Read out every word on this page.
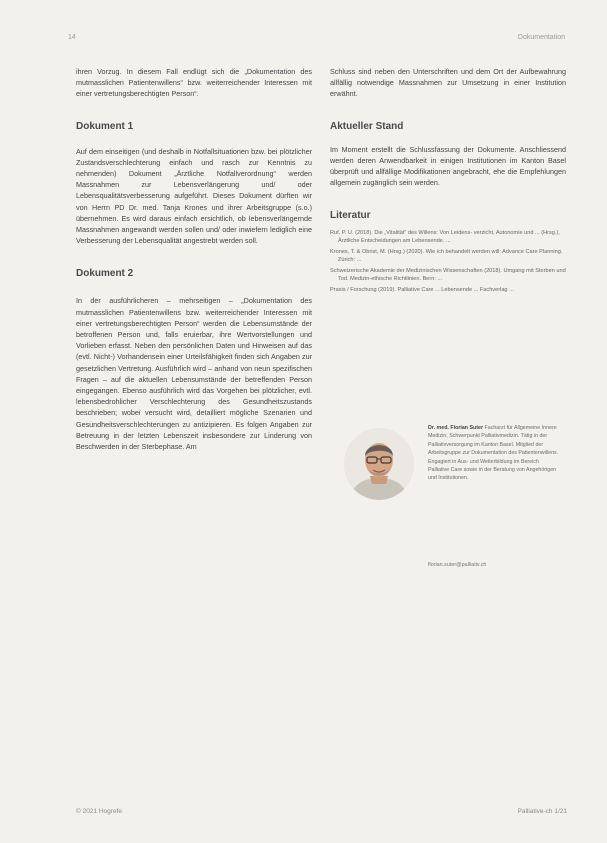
14	Dokumentation

ihren Vorzug. In diesem Fall endlügt sich die „Dokumentation des mutmasslichen Patientenwillens“ bzw. weiterreichender Interessen mit einer vertretungsberechtigten Person“.

Dokument 1

Auf dem einseitigen (und deshalb in Notfallsituationen bzw. bei plötzlicher Zustandsverschlechterung einfach und rasch zur Kenntnis zu nehmenden) Dokument „Ärztliche Notfallverordnung“ werden Massnahmen zur Lebensverlängerung und/ oder Lebensqualitätsverbesserung aufgeführt. Dieses Dokument dürften wir von Herrn PD Dr. med. Tanja Krones und ihrer Arbeitsgruppe (s.o.) übernehmen. Es wird daraus einfach ersichtlich, ob lebensverlängernde Massnahmen angewandt werden sollen und/ oder inwiefern lediglich eine Verbesserung der Lebensqualität angestrebt werden soll.

Dokument 2

In der ausführlicheren – mehrseitigen – „Dokumentation des mutmasslichen Patientenwillens bzw. weiterreichender Interessen mit einer vertretungsberechtigten Person“ werden die Lebensumstände der betroffenen Person und, falls eruierbar, ihre Wertvorstellungen und Vorlieben erfasst. Neben den persönlichen Daten und Hinweisen auf das (evtl. Nicht-) Vorhandensein einer Urteilsfähigkeit finden sich Angaben zur gesetzlichen Vertretung. Ausführlich wird – anhand von neun spezifischen Fragen – auf die aktuellen Lebensumstände der betreffenden Person eingegangen. Ebenso ausführlich wird das Vorgehen bei plötzlicher, evtl. lebensbedrohlicher Verschlechterung des Gesundheitszustands beschrieben; wobei versucht wird, detailliert mögliche Szenarien und Gesundheitsverschlechterungen zu antizipieren. Es folgen Angaben zur Betreuung in der letzten Lebenszeit insbesondere zur Linderung von Beschwerden in der Sterbephase. Am

Schluss sind neben den Unterschriften und dem Ort der Aufbewahrung allfällig notwendige Massnahmen zur Umsetzung in einer Institution erwähnt.

Aktueller Stand

Im Moment erstellt die Schlussfassung der Dokumente. Anschliessend werden deren Anwendbarkeit in einigen Institutionen im Kanton Basel überprüft und allfällige Modifikationen angebracht, ehe die Empfehlungen allgemein zugänglich sein werden.

Literatur
Ruf, P. U. (2018). Die „Vitalität“ des Willens: Von Leidens- verzicht, Autonomie und ... (Hrsg.), Ärztliche Entscheidungen am Lebensende. ...
Krones, T. & Obrist, M. (Hrsg.) (2020). Wie ich behandelt werden will: Advance Care Planning. Zürich: ...
Schweizerische Akademie der Medizinischen Wissenschaften (2018). Umgang mit Sterben und Tod. Medizin-ethische Richtlinien. Bern: ...
Praxis / Forschung (2019). Palliative Care ... Lebensende ... Fachverlag ...
Dr. med. Florian Suter Facharzt für Allgemeine Innere Medizin, Schwerpunkt Palliativmedizin. Tätig in der Palliativversorgung im Kanton Basel. Mitglied der Arbeitsgruppe zur Dokumentation des Patientenwillens. Engagiert in Aus- und Weiterbildung im Bereich Palliative Care sowie in der Beratung von Angehörigen und Institutionen.
florian.suter@palliativ.ch
© 2021 Hogrefe	Palliative-ch 1/21
